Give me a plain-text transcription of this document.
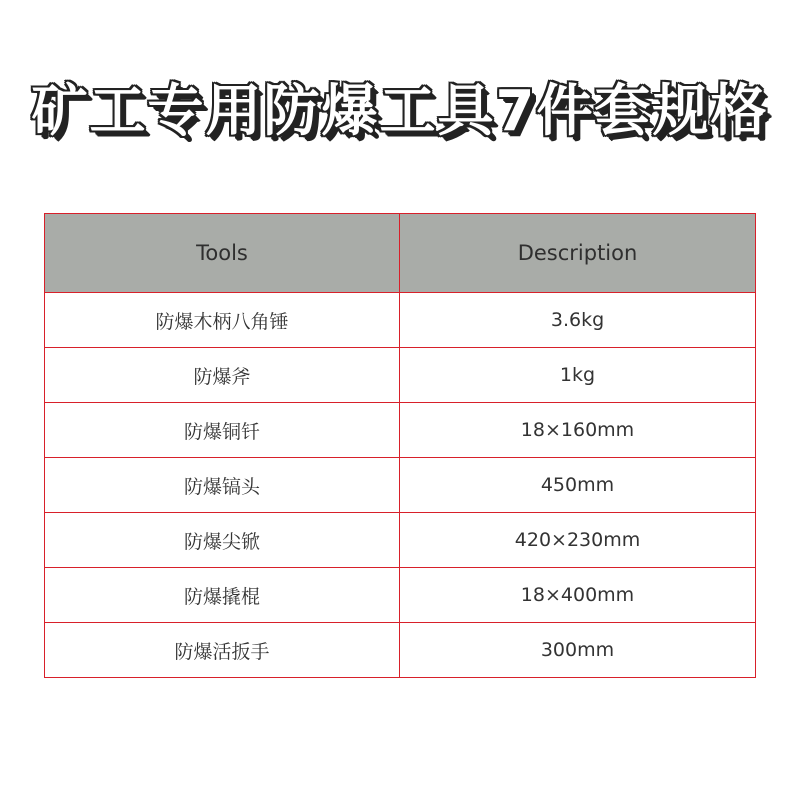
矿工专用防爆工具7件套规格
Tools	Description
防爆木柄八角锤	3.6kg
防爆斧	1kg
防爆铜钎	18×160mm
防爆镐头	450mm
防爆尖锨	420×230mm
防爆撬棍	18×400mm
防爆活扳手	300mm
